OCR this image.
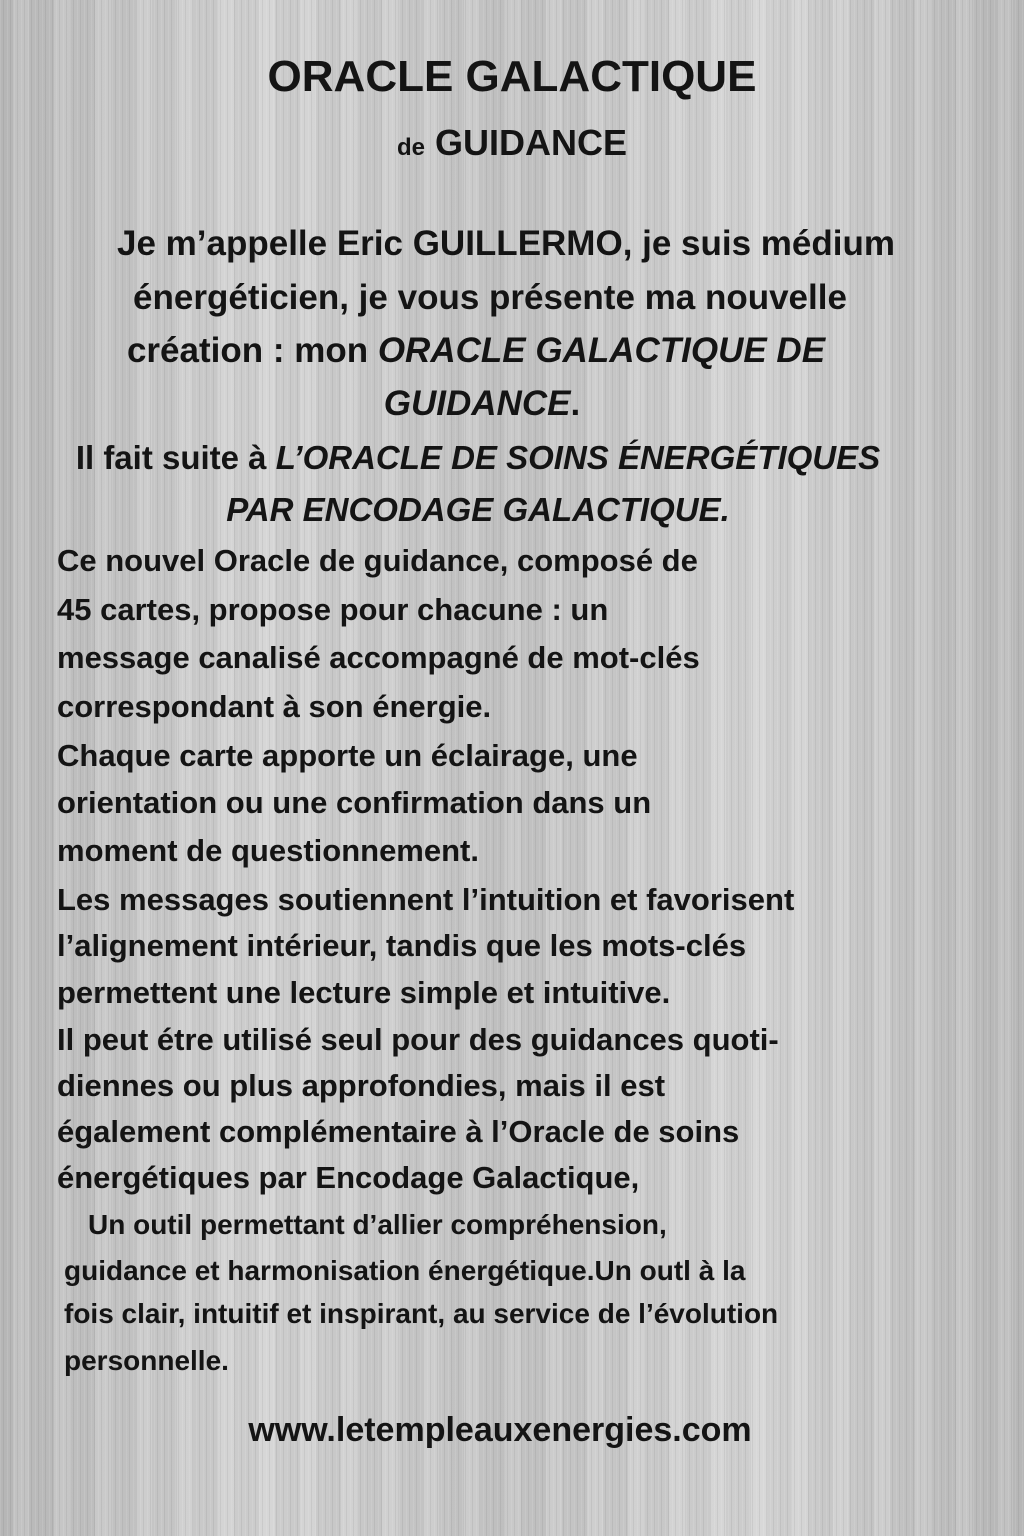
ORACLE GALACTIQUE
de GUIDANCE
Je m’appelle Eric GUILLERMO, je suis médium
énergéticien, je vous présente ma nouvelle
création : mon ORACLE GALACTIQUE DE
GUIDANCE.
Il fait suite à L’ORACLE DE SOINS ÉNERGÉTIQUES
PAR ENCODAGE GALACTIQUE.
Ce nouvel Oracle de guidance, composé de
45 cartes, propose pour chacune : un
message canalisé accompagné de mot-clés
correspondant à son énergie.
Chaque carte apporte un éclairage, une
orientation ou une confirmation dans un
moment de questionnement.
Les messages soutiennent l’intuition et favorisent
l’alignement intérieur, tandis que les mots-clés
permettent une lecture simple et intuitive.
Il peut étre utilisé seul pour des guidances quoti-
diennes ou plus approfondies, mais il est
également complémentaire à l’Oracle de soins
énergétiques par Encodage Galactique,
Un outil permettant d’allier compréhension,
guidance et harmonisation énergétique.Un outl à la
fois clair, intuitif et inspirant, au service de l’évolution
personnelle.
www.letempleauxenergies.com
